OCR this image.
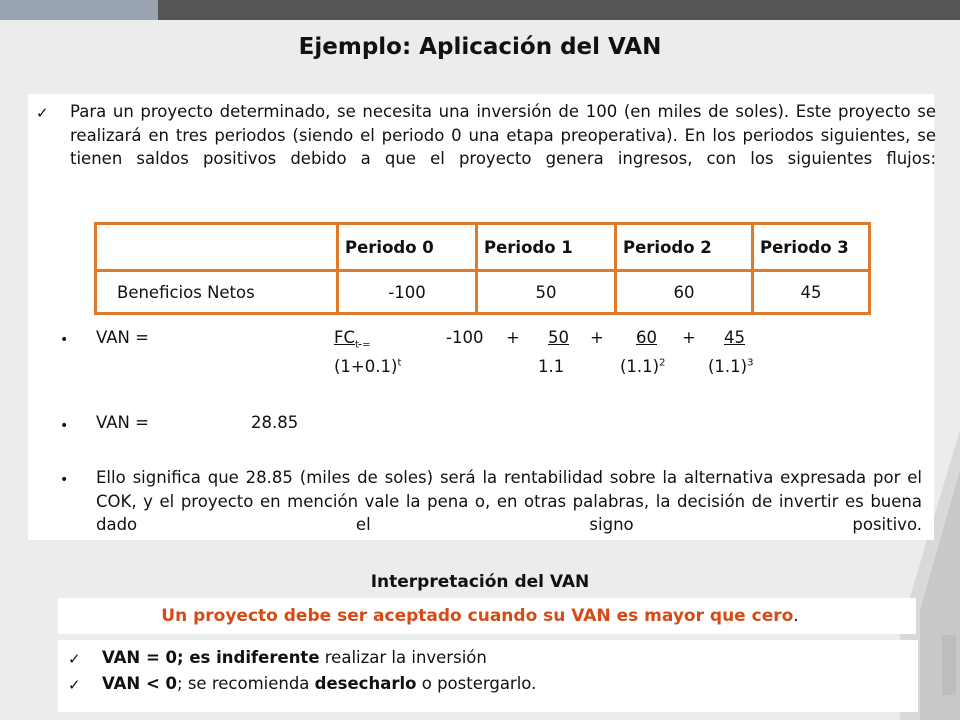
Ejemplo: Aplicación del VAN
✓ Para un proyecto determinado, se necesita una inversión de 100 (en miles de soles). Este proyecto se realizará en tres periodos (siendo el periodo 0 una etapa preoperativa). En los periodos siguientes, se tienen saldos positivos debido a que el proyecto genera ingresos, con los siguientes flujos:
	Periodo 0	Periodo 1	Periodo 2	Periodo 3
Beneficios Netos	-100	50	60	45
• VAN =	$FC_{t =}$	-100 + 50 + 60 + 45
$(1+0.1)^t$	1.1	$(1.1)^2$	$(1.1)^3$
• VAN =	28.85
• Ello significa que 28.85 (miles de soles) será la rentabilidad sobre la alternativa expresada por el COK, y el proyecto en mención vale la pena o, en otras palabras, la decisión de invertir es buena dado el signo positivo.
Interpretación del VAN
Un proyecto debe ser aceptado cuando su VAN es mayor que cero.
✓ VAN = 0; es indiferente realizar la inversión
✓ VAN < 0; se recomienda desecharlo o postergarlo.
